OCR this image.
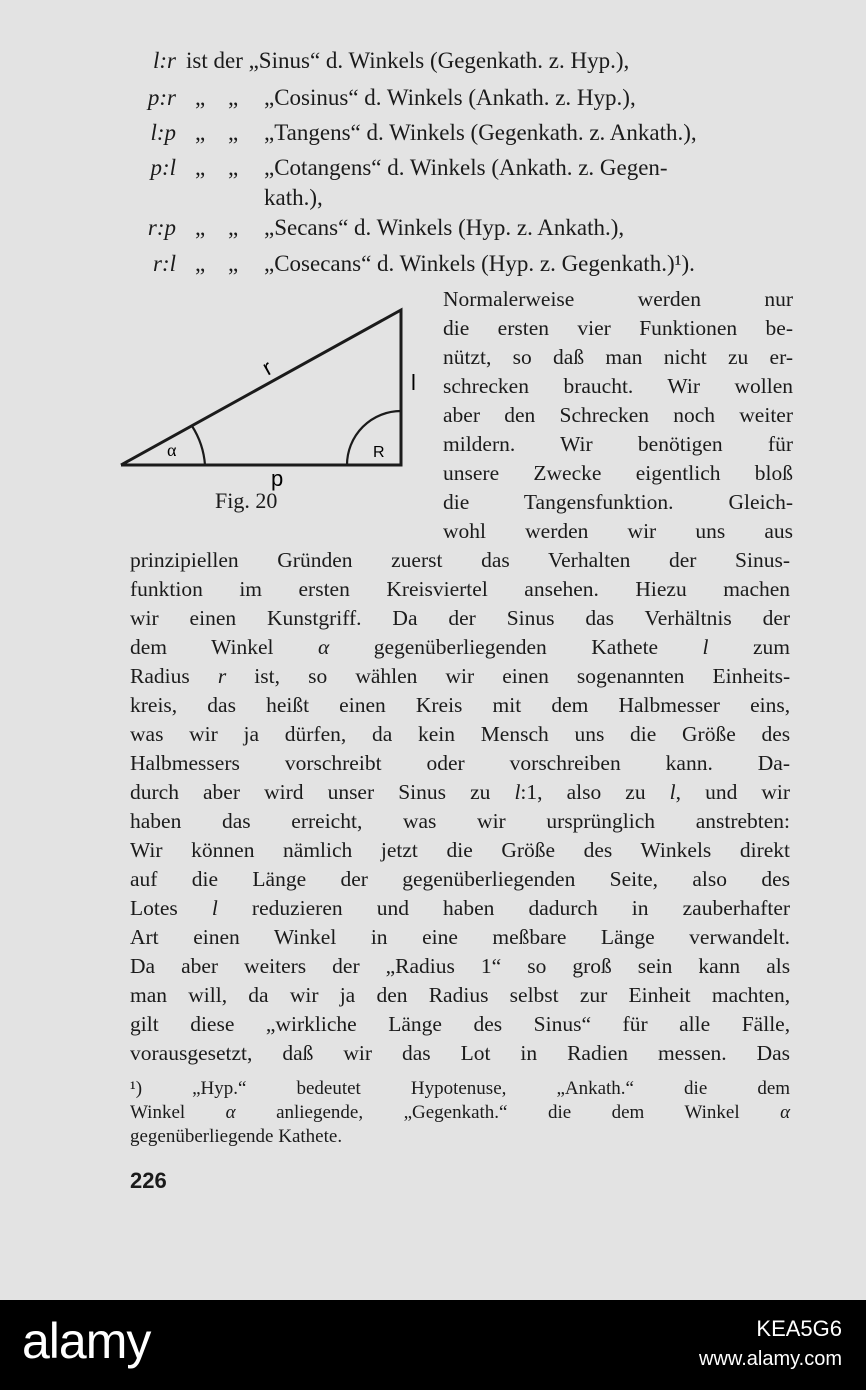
l:r ist der „Sinus“ d. Winkels (Gegenkath. z. Hyp.),
p:r „ „ „Cosinus“ d. Winkels (Ankath. z. Hyp.),
l:p „ „ „Tangens“ d. Winkels (Gegenkath. z. Ankath.),
p:l „ „ „Cotangens“ d. Winkels (Ankath. z. Gegen-
kath.),
r:p „ „ „Secans“ d. Winkels (Hyp. z. Ankath.),
r:l „ „ „Cosecans“ d. Winkels (Hyp. z. Gegenkath.)¹).
r
l
p
α	R
Fig. 20
Normalerweise werden nur
die ersten vier Funktionen be-
nützt, so daß man nicht zu er-
schrecken braucht. Wir wollen
aber den Schrecken noch weiter
mildern. Wir benötigen für
unsere Zwecke eigentlich bloß
die Tangensfunktion. Gleich-
wohl werden wir uns aus
prinzipiellen Gründen zuerst das Verhalten der Sinus-
funktion im ersten Kreisviertel ansehen. Hiezu machen
wir einen Kunstgriff. Da der Sinus das Verhältnis der
dem Winkel α gegenüberliegenden Kathete l zum
Radius r ist, so wählen wir einen sogenannten Einheits-
kreis, das heißt einen Kreis mit dem Halbmesser eins,
was wir ja dürfen, da kein Mensch uns die Größe des
Halbmessers vorschreibt oder vorschreiben kann. Da-
durch aber wird unser Sinus zu l:1, also zu l, und wir
haben das erreicht, was wir ursprünglich anstrebten:
Wir können nämlich jetzt die Größe des Winkels direkt
auf die Länge der gegenüberliegenden Seite, also des
Lotes l reduzieren und haben dadurch in zauberhafter
Art einen Winkel in eine meßbare Länge verwandelt.
Da aber weiters der „Radius 1“ so groß sein kann als
man will, da wir ja den Radius selbst zur Einheit machten,
gilt diese „wirkliche Länge des Sinus“ für alle Fälle,
vorausgesetzt, daß wir das Lot in Radien messen. Das
¹)	„Hyp.“	bedeutet	Hypotenuse,	„Ankath.“	die	dem
Winkel α anliegende, „Gegenkath.“ die dem Winkel α
gegenüberliegende Kathete.
226
alamy	KEA5G6
www.alamy.com
